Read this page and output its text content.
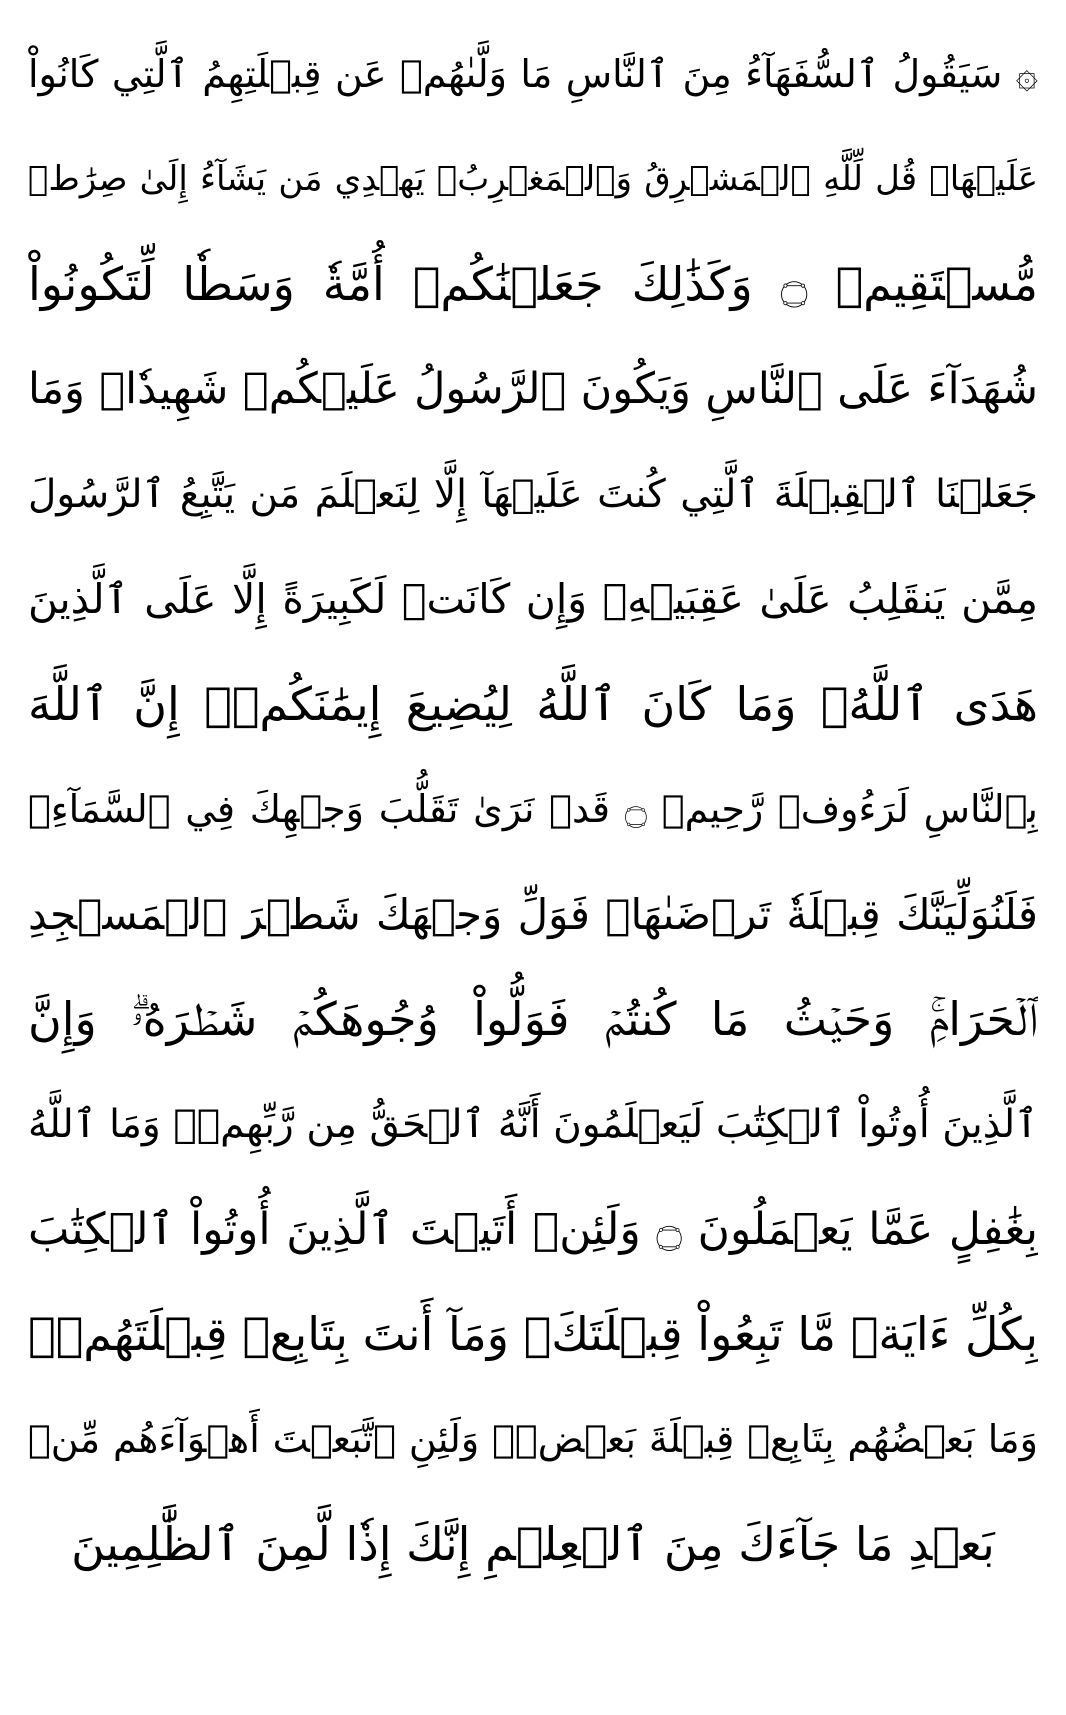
۞ سَيَقُولُ ٱلسُّفَهَآءُ مِنَ ٱلنَّاسِ مَا وَلَّىٰهُمۡ عَن قِبۡلَتِهِمُ ٱلَّتِي كَانُواْ
عَلَيۡهَاۚ قُل لِّلَّهِ ٱلۡمَشۡرِقُ وَٱلۡمَغۡرِبُۚ يَهۡدِي مَن يَشَآءُ إِلَىٰ صِرَٰطٖ
مُّسۡتَقِيمٖ ۝ وَكَذَٰلِكَ جَعَلۡنَٰكُمۡ أُمَّةٗ وَسَطٗا لِّتَكُونُواْ
شُهَدَآءَ عَلَى ٱلنَّاسِ وَيَكُونَ ٱلرَّسُولُ عَلَيۡكُمۡ شَهِيدٗاۗ وَمَا
جَعَلۡنَا ٱلۡقِبۡلَةَ ٱلَّتِي كُنتَ عَلَيۡهَآ إِلَّا لِنَعۡلَمَ مَن يَتَّبِعُ ٱلرَّسُولَ
مِمَّن يَنقَلِبُ عَلَىٰ عَقِبَيۡهِۚ وَإِن كَانَتۡ لَكَبِيرَةً إِلَّا عَلَى ٱلَّذِينَ
هَدَى ٱللَّهُۗ وَمَا كَانَ ٱللَّهُ لِيُضِيعَ إِيمَٰنَكُمۡۚ إِنَّ ٱللَّهَ
بِٱلنَّاسِ لَرَءُوفٞ رَّحِيمٞ ۝ قَدۡ نَرَىٰ تَقَلُّبَ وَجۡهِكَ فِي ٱلسَّمَآءِۖ
فَلَنُوَلِّيَنَّكَ قِبۡلَةٗ تَرۡضَىٰهَاۚ فَوَلِّ وَجۡهَكَ شَطۡرَ ٱلۡمَسۡجِدِ
ٱلۡحَرَامِۚ وَحَيۡثُ مَا كُنتُمۡ فَوَلُّواْ وُجُوهَكُمۡ شَطۡرَهُۥۗ وَإِنَّ
ٱلَّذِينَ أُوتُواْ ٱلۡكِتَٰبَ لَيَعۡلَمُونَ أَنَّهُ ٱلۡحَقُّ مِن رَّبِّهِمۡۗ وَمَا ٱللَّهُ
بِغَٰفِلٍ عَمَّا يَعۡمَلُونَ ۝ وَلَئِنۡ أَتَيۡتَ ٱلَّذِينَ أُوتُواْ ٱلۡكِتَٰبَ
بِكُلِّ ءَايَةٖ مَّا تَبِعُواْ قِبۡلَتَكَۚ وَمَآ أَنتَ بِتَابِعٖ قِبۡلَتَهُمۡۚ
وَمَا بَعۡضُهُم بِتَابِعٖ قِبۡلَةَ بَعۡضٖۚ وَلَئِنِ ٱتَّبَعۡتَ أَهۡوَآءَهُم مِّنۢ
بَعۡدِ مَا جَآءَكَ مِنَ ٱلۡعِلۡمِ إِنَّكَ إِذٗا لَّمِنَ ٱلظَّٰلِمِينَ
